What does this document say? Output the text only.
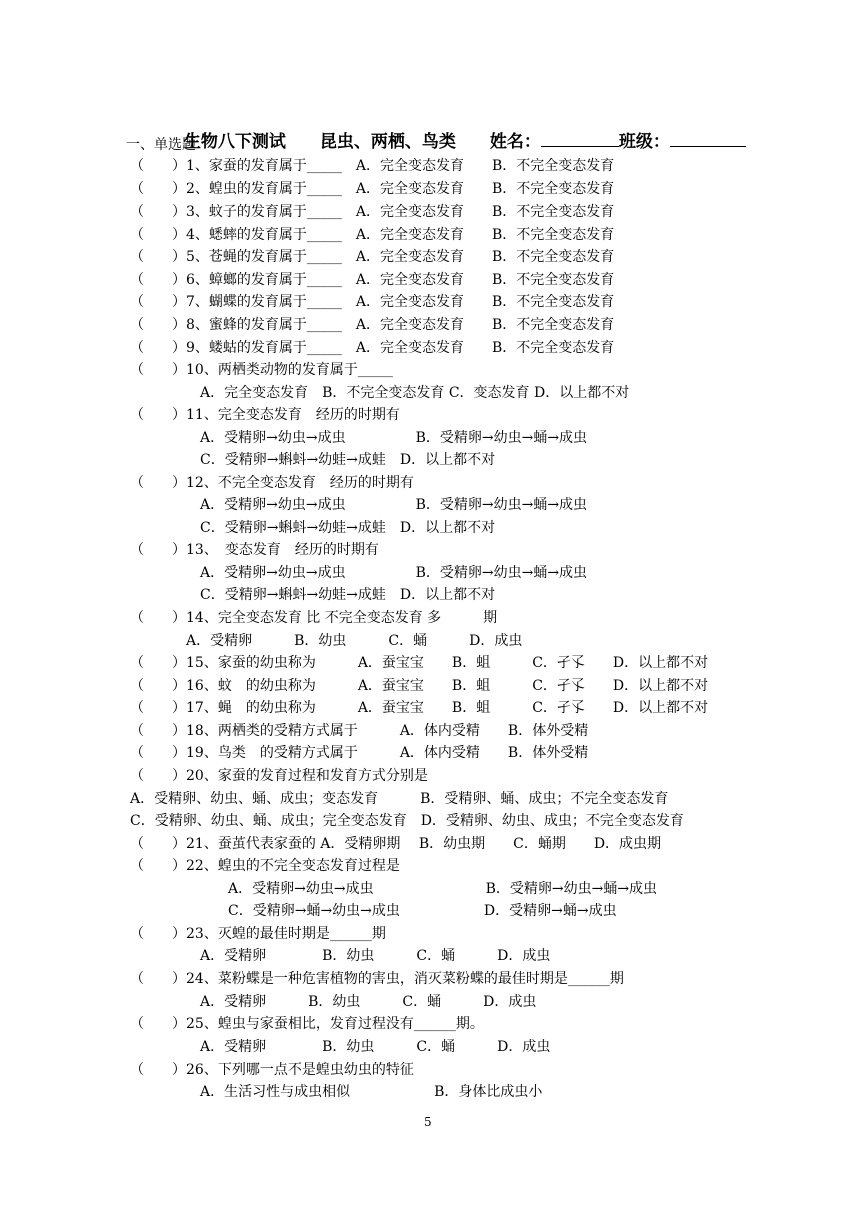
生物八下测试　　 昆虫、两栖、鸟类　　 姓名：	班级：

一、单选题
（　　）1、家蚕的发育属于_____　A．完全变态发育　　B．不完全变态发育
（　　）2、蝗虫的发育属于_____　A．完全变态发育　　B．不完全变态发育
（　　）3、蚊子的发育属于_____　A．完全变态发育　　B．不完全变态发育
（　　）4、蟋蟀的发育属于_____　A．完全变态发育　　B．不完全变态发育
（　　）5、苍蝇的发育属于_____　A．完全变态发育　　B．不完全变态发育
（　　）6、蟑螂的发育属于_____　A．完全变态发育　　B．不完全变态发育
（　　）7、蝴蝶的发育属于_____　A．完全变态发育　　B．不完全变态发育
（　　）8、蜜蜂的发育属于_____　A．完全变态发育　　B．不完全变态发育
（　　）9、蝼蛄的发育属于_____　A．完全变态发育　　B．不完全变态发育
（　　）10、两栖类动物的发育属于_____
　　　　　A．完全变态发育　B．不完全变态发育 C．变态发育 D．以上都不对
（　　）11、完全变态发育　经历的时期有
　　　　　A．受精卵→幼虫→成虫　　　　　B．受精卵→幼虫→蛹→成虫
　　　　　C．受精卵→蝌蚪→幼蛙→成蛙　D．以上都不对
（　　）12、不完全变态发育　经历的时期有
　　　　　A．受精卵→幼虫→成虫　　　　　B．受精卵→幼虫→蛹→成虫
　　　　　C．受精卵→蝌蚪→幼蛙→成蛙　D．以上都不对
（　　）13、　变态发育　经历的时期有
　　　　　A．受精卵→幼虫→成虫　　　　　B．受精卵→幼虫→蛹→成虫
　　　　　C．受精卵→蝌蚪→幼蛙→成蛙　D．以上都不对
（　　）14、完全变态发育 比 不完全变态发育 多　　　期
　　　　A．受精卵　　　B．幼虫　　　C．蛹　　　D．成虫
（　　）15、家蚕的幼虫称为　　　A．蚕宝宝　　B．蛆　　　C．孑孓　　D．以上都不对
（　　）16、蚊　的幼虫称为　　　A．蚕宝宝　　B．蛆　　　C．孑孓　　D．以上都不对
（　　）17、蝇　的幼虫称为　　　A．蚕宝宝　　B．蛆　　　C．孑孓　　D．以上都不对
（　　）18、两栖类的受精方式属于　　　A．体内受精　　B．体外受精
（　　）19、鸟类　的受精方式属于　　　A．体内受精　　B．体外受精
（　　）20、家蚕的发育过程和发育方式分别是
A．受精卵、幼虫、蛹、成虫；变态发育　　　B．受精卵、蛹、成虫；不完全变态发育
C．受精卵、幼虫、蛹、成虫；完全变态发育　D．受精卵、幼虫、成虫；不完全变态发育
（　　）21、蚕茧代表家蚕的 A．受精卵期　 B．幼虫期　　C．蛹期　　D．成虫期
（　　）22、蝗虫的不完全变态发育过程是
　　　　　　　A．受精卵→幼虫→成虫　　　　　　　　B．受精卵→幼虫→蛹→成虫
　　　　　　　C．受精卵→蛹→幼虫→成虫　　　　　　D．受精卵→蛹→成虫
（　　）23、灭蝗的最佳时期是______期
　　　　　A．受精卵　　　　B．幼虫　　　C．蛹　　　D．成虫
（　　）24、菜粉蝶是一种危害植物的害虫，消灭菜粉蝶的最佳时期是______期
　　　　　A．受精卵　　　B．幼虫　　　C．蛹　　　D．成虫
（　　）25、蝗虫与家蚕相比，发育过程没有______期。
　　　　　A．受精卵　　　　B．幼虫　　　C．蛹　　　D．成虫
（　　）26、下列哪一点不是蝗虫幼虫的特征
　　　　　A．生活习性与成虫相似　　　　　　B．身体比成虫小
5
